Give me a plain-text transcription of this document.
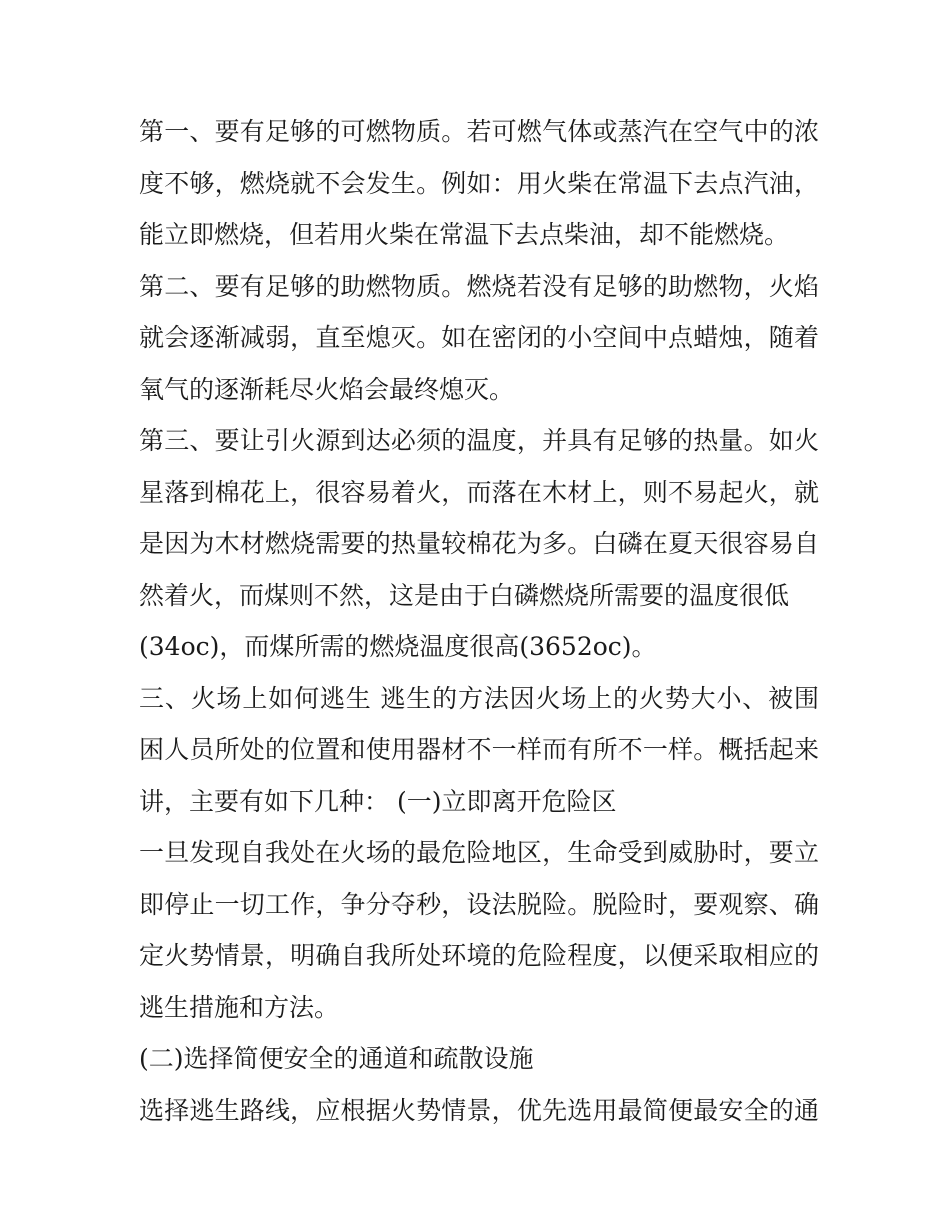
第一、要有足够的可燃物质。若可燃气体或蒸汽在空气中的浓
度不够，燃烧就不会发生。例如：用火柴在常温下去点汽油，
能立即燃烧，但若用火柴在常温下去点柴油，却不能燃烧。
第二、要有足够的助燃物质。燃烧若没有足够的助燃物，火焰
就会逐渐减弱，直至熄灭。如在密闭的小空间中点蜡烛，随着
氧气的逐渐耗尽火焰会最终熄灭。
第三、要让引火源到达必须的温度，并具有足够的热量。如火
星落到棉花上，很容易着火，而落在木材上，则不易起火，就
是因为木材燃烧需要的热量较棉花为多。白磷在夏天很容易自
然着火，而煤则不然，这是由于白磷燃烧所需要的温度很低
(34oc)，而煤所需的燃烧温度很高(3652oc)。
三、火场上如何逃生 逃生的方法因火场上的火势大小、被围
困人员所处的位置和使用器材不一样而有所不一样。概括起来
讲，主要有如下几种： (一)立即离开危险区
一旦发现自我处在火场的最危险地区，生命受到威胁时，要立
即停止一切工作，争分夺秒，设法脱险。脱险时，要观察、确
定火势情景，明确自我所处环境的危险程度，以便采取相应的
逃生措施和方法。
(二)选择简便安全的通道和疏散设施
选择逃生路线，应根据火势情景，优先选用最简便最安全的通
